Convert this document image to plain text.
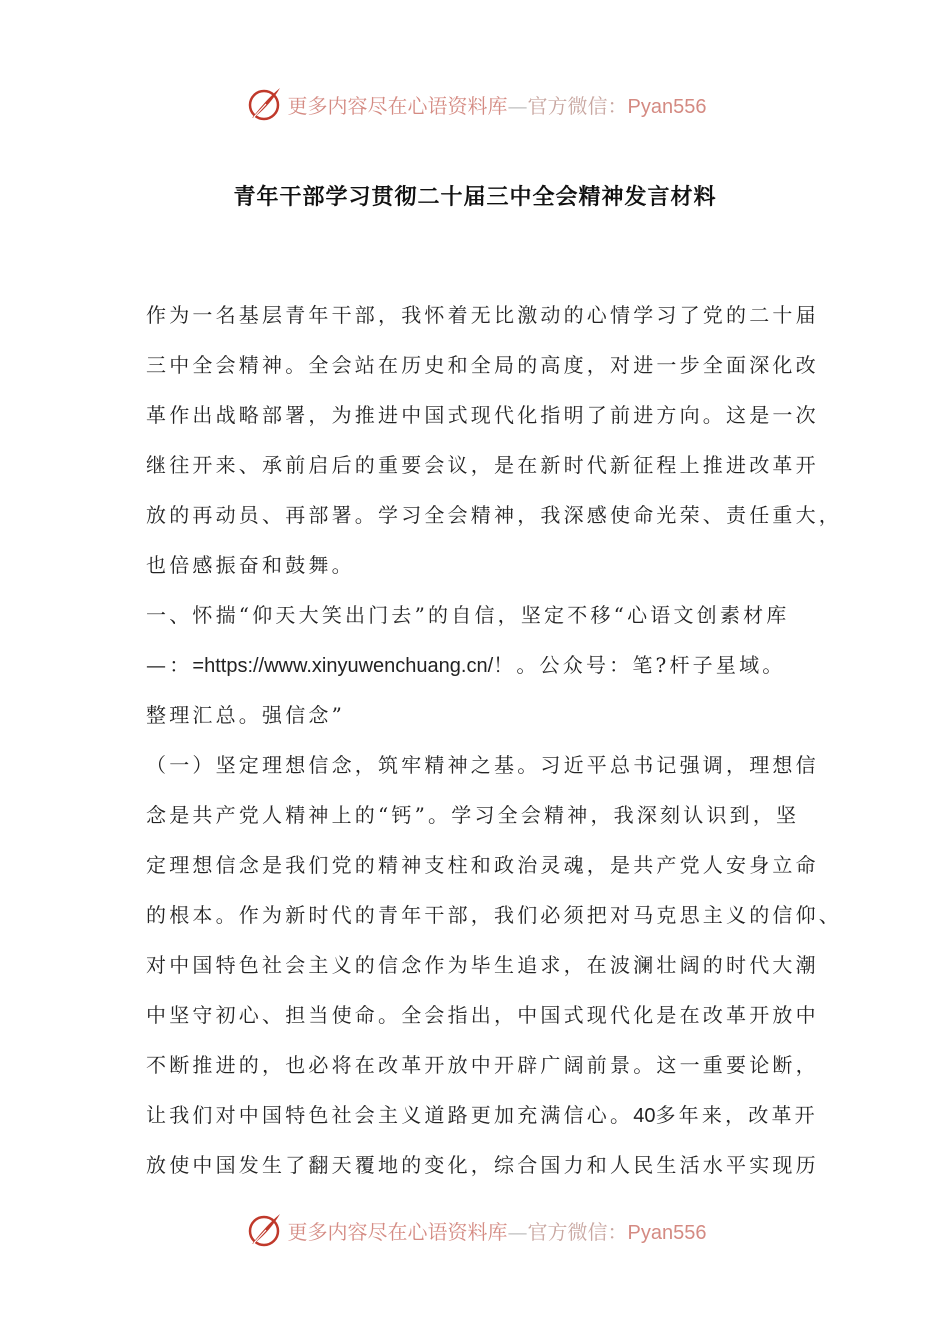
更多内容尽在心语资料库—官方微信：Pyan556
青年干部学习贯彻二十届三中全会精神发言材料
作为一名基层青年干部，我怀着无比激动的心情学习了党的二十届
三中全会精神。全会站在历史和全局的高度，对进一步全面深化改
革作出战略部署，为推进中国式现代化指明了前进方向。这是一次
继往开来、承前启后的重要会议，是在新时代新征程上推进改革开
放的再动员、再部署。学习全会精神，我深感使命光荣、责任重大，
也倍感振奋和鼓舞。
一、怀揣“仰天大笑出门去”的自信，坚定不移“心语文创素材库
—：=https://www.xinyuwenchuang.cn/！。公众号：笔?杆子星域。
整理汇总。强信念”
（一）坚定理想信念，筑牢精神之基。习近平总书记强调，理想信
念是共产党人精神上的“钙”。学习全会精神，我深刻认识到，坚
定理想信念是我们党的精神支柱和政治灵魂，是共产党人安身立命
的根本。作为新时代的青年干部，我们必须把对马克思主义的信仰、
对中国特色社会主义的信念作为毕生追求，在波澜壮阔的时代大潮
中坚守初心、担当使命。全会指出，中国式现代化是在改革开放中
不断推进的，也必将在改革开放中开辟广阔前景。这一重要论断，
让我们对中国特色社会主义道路更加充满信心。40多年来，改革开
放使中国发生了翻天覆地的变化，综合国力和人民生活水平实现历
更多内容尽在心语资料库—官方微信：Pyan556
